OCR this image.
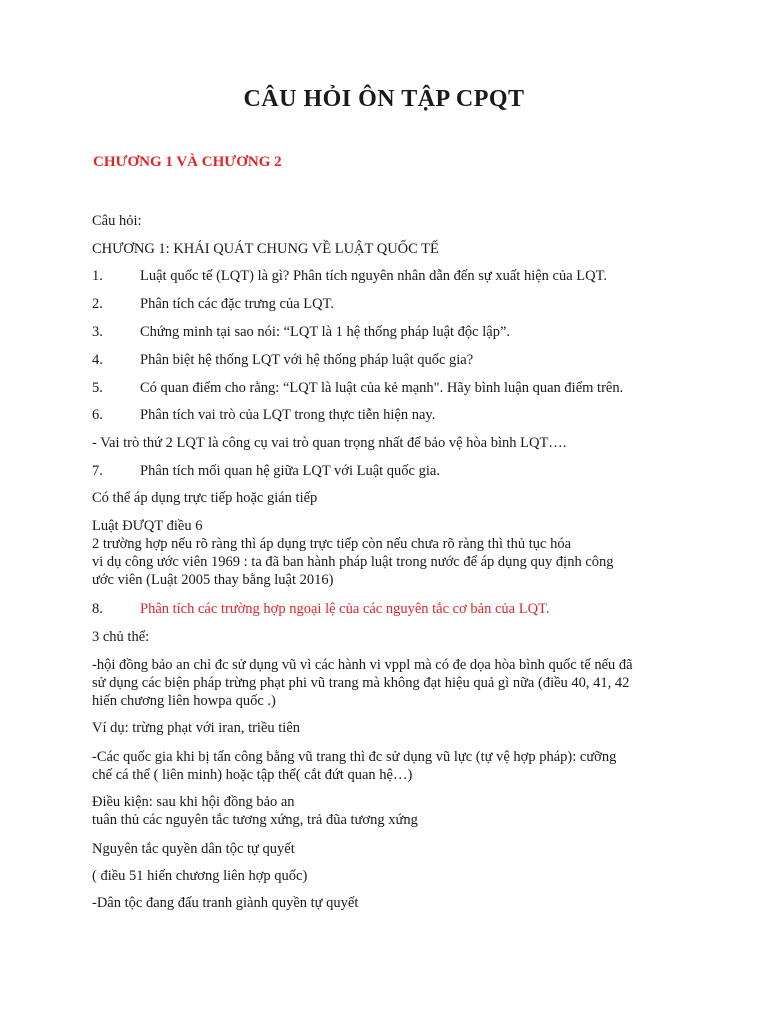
CÂU HỎI ÔN TẬP CPQT
CHƯƠNG 1 VÀ CHƯƠNG 2
Câu hỏi:
CHƯƠNG 1: KHÁI QUÁT CHUNG VỀ LUẬT QUỐC TẾ
1.	Luật quốc tế (LQT) là gì? Phân tích nguyên nhân dẫn đến sự xuất hiện của LQT.
2.	Phân tích các đặc trưng của LQT.
3.	Chứng minh tại sao nói: “LQT là 1 hệ thống pháp luật độc lập”.
4.	Phân biệt hệ thống LQT với hệ thống pháp luật quốc gia?
5.	Có quan điểm cho rằng: “LQT là luật của kẻ mạnh". Hãy bình luận quan điểm trên.
6.	Phân tích vai trò của LQT trong thực tiễn hiện nay.
- Vai trò thứ 2 LQT là công cụ vai trò quan trọng nhất để bảo vệ hòa bình LQT….
7.	Phân tích mối quan hệ giữa LQT với Luật quốc gia.
Có thể áp dụng trực tiếp hoặc gián tiếp
Luật ĐƯQT điều 6
2 trường hợp nếu rõ ràng thì áp dụng trực tiếp còn nếu chưa rõ ràng thì thủ tục hóa
vi dụ công ước viên 1969 : ta đã ban hành pháp luật trong nước để áp dụng quy định công
ước viên (Luật 2005 thay bằng luật 2016)
8.	Phân tích các trường hợp ngoại lệ của các nguyên tắc cơ bản của LQT.
3 chủ thể:
-hội đồng bảo an chỉ đc sử dụng vũ vì các hành vi vppl mà có đe dọa hòa bình quốc tế nếu đã
sử dụng các biện pháp trừng phạt phi vũ trang mà không đạt hiệu quả gì nữa (điều 40, 41, 42
hiến chương liên howpa quốc .)
Ví dụ: trừng phạt với iran, triều tiên
-Các quốc gia khi bị tấn công bằng vũ trang thì đc sử dụng vũ lực (tự vệ hợp pháp): cưỡng
chế cá thể ( liên minh) hoặc tập thể( cắt đứt quan hệ…)
Điều kiện: sau khi hội đồng bảo an
tuân thủ các nguyên tắc tương xứng, trả đũa tương xứng
Nguyên tắc quyền dân tộc tự quyết
( điều 51 hiến chương liên hợp quốc)
-Dân tộc đang đấu tranh giành quyền tự quyết
